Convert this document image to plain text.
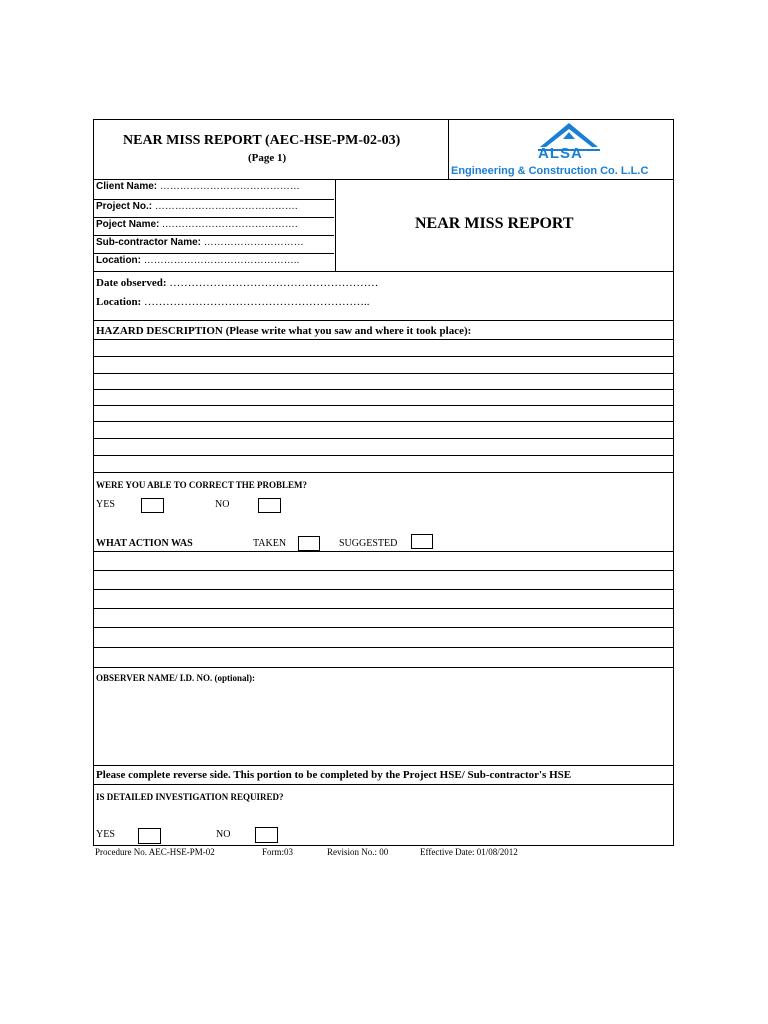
NEAR MISS REPORT (AEC-HSE-PM-02-03)
(Page 1)	ALSA
Engineering & Construction Co. L.L.C
Client Name: ……………………………………
Project No.: …………………………………….
Poject Name: .………………………………….
Sub-contractor Name: …………………………
Location: ………………………………………..
NEAR MISS REPORT
Date observed: …………………………………………………
Location: ……………………………………………………..
HAZARD DESCRIPTION (Please write what you saw and where it took place):
WERE YOU ABLE TO CORRECT THE PROBLEM?
YES	NO
WHAT ACTION WAS	TAKEN	SUGGESTED
OBSERVER NAME/ I.D. NO. (optional):
Please complete reverse side. This portion to be completed by the Project HSE/ Sub-contractor's HSE
IS DETAILED INVESTIGATION REQUIRED?
YES	NO
Procedure No. AEC-HSE-PM-02	Form:03	Revision No.: 00	Effective Date: 01/08/2012
